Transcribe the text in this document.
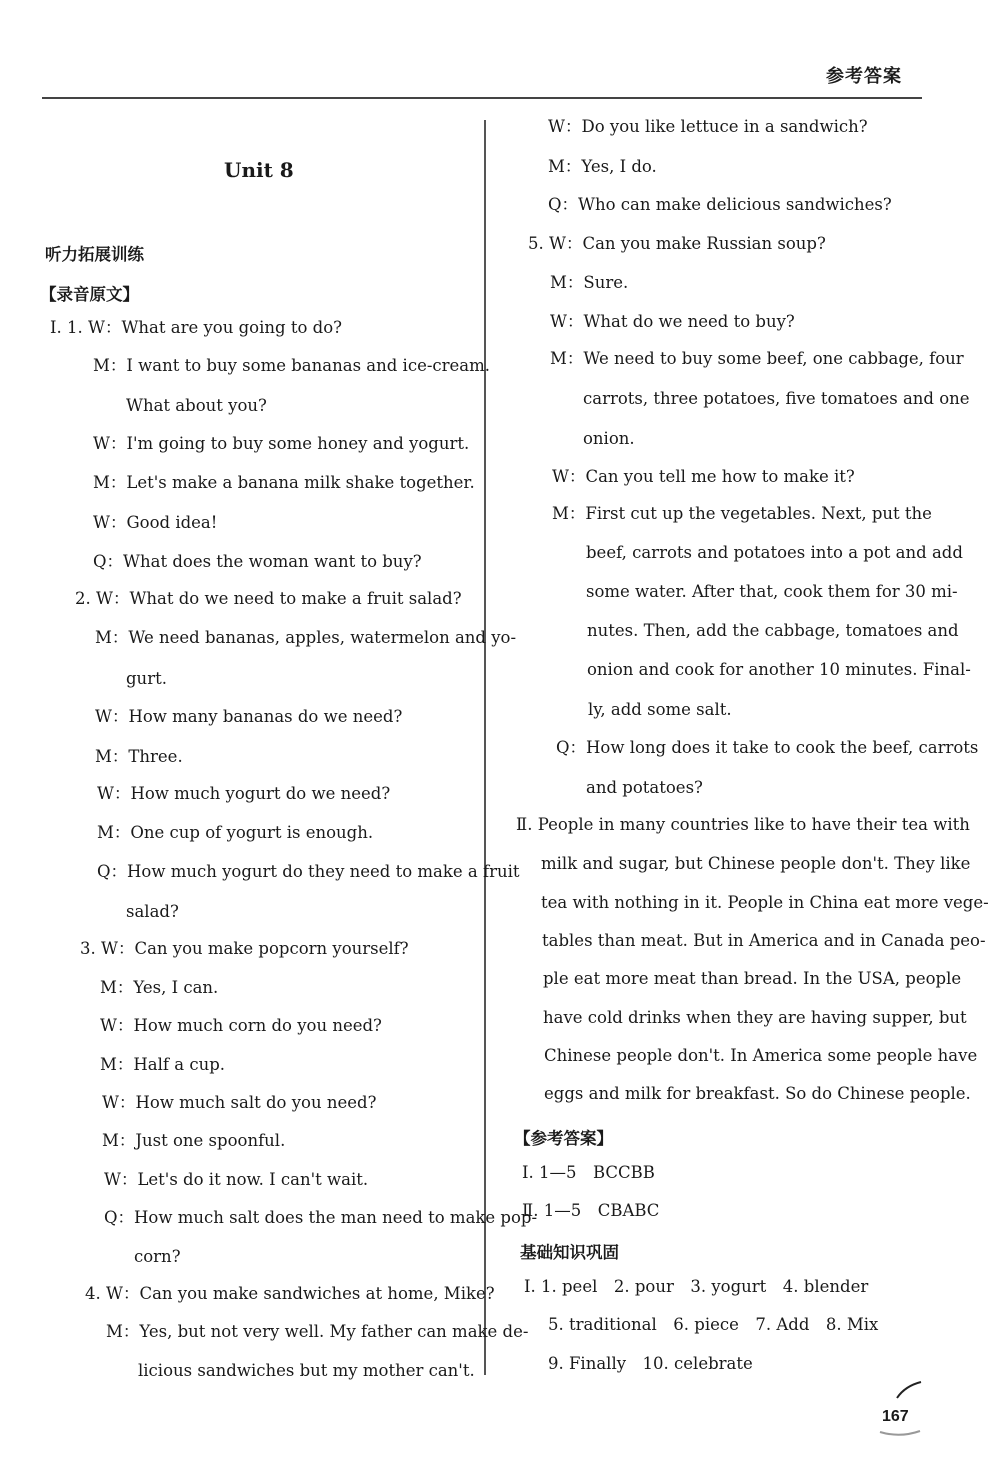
参考答案
Unit 8
听力拓展训练
【录音原文】
Ⅰ. 1. W：What are you going to do?
M：I want to buy some bananas and ice-cream.
What about you?
W：I'm going to buy some honey and yogurt.
M：Let's make a banana milk shake together.
W：Good idea!
Q：What does the woman want to buy?
2. W：What do we need to make a fruit salad?
M：We need bananas, apples, watermelon and yo-
gurt.
W：How many bananas do we need?
M：Three.
W：How much yogurt do we need?
M：One cup of yogurt is enough.
Q：How much yogurt do they need to make a fruit
salad?
3. W：Can you make popcorn yourself?
M：Yes, I can.
W：How much corn do you need?
M：Half a cup.
W：How much salt do you need?
M：Just one spoonful.
W：Let's do it now. I can't wait.
Q：How much salt does the man need to make pop-
corn?
4. W：Can you make sandwiches at home, Mike?
M：Yes, but not very well. My father can make de-
licious sandwiches but my mother can't.
W：Do you like lettuce in a sandwich?
M：Yes, I do.
Q：Who can make delicious sandwiches?
5. W：Can you make Russian soup?
M：Sure.
W：What do we need to buy?
M：We need to buy some beef, one cabbage, four
carrots, three potatoes, five tomatoes and one
onion.
W：Can you tell me how to make it?
M：First cut up the vegetables. Next, put the
beef, carrots and potatoes into a pot and add
some water. After that, cook them for 30 mi-
nutes. Then, add the cabbage, tomatoes and
onion and cook for another 10 minutes. Final-
ly, add some salt.
Q：How long does it take to cook the beef, carrots
and potatoes?
Ⅱ. People in many countries like to have their tea with
milk and sugar, but Chinese people don't. They like
tea with nothing in it. People in China eat more vege-
tables than meat. But in America and in Canada peo-
ple eat more meat than bread. In the USA, people
have cold drinks when they are having supper, but
Chinese people don't. In America some people have
eggs and milk for breakfast. So do Chinese people.
【参考答案】
Ⅰ. 1—5　BCCBB
Ⅱ. 1—5　CBABC
基础知识巩固
Ⅰ. 1. peel　2. pour　3. yogurt　4. blender
5. traditional　6. piece　7. Add　8. Mix
9. Finally　10. celebrate
167
